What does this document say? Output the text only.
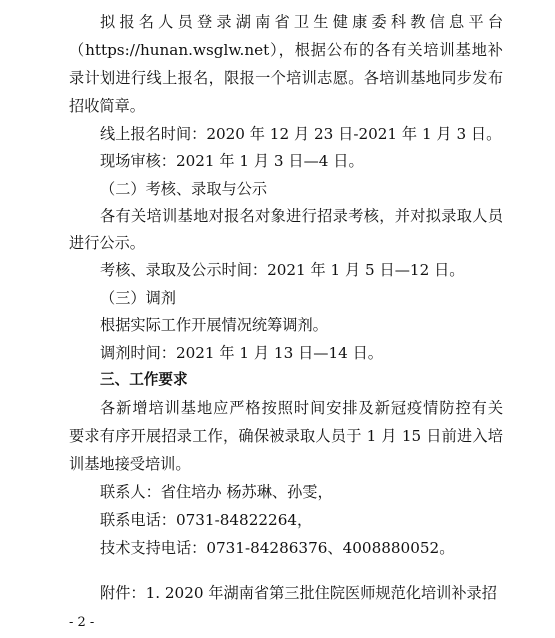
拟报名人员登录湖南省卫生健康委科教信息平台
（https://hunan.wsglw.net），根据公布的各有关培训基地补
录计划进行线上报名，限报一个培训志愿。各培训基地同步发布
招收简章。
线上报名时间：2020 年 12 月 23 日-2021 年 1 月 3 日。
现场审核：2021 年 1 月 3 日—4 日。
（二）考核、录取与公示
各有关培训基地对报名对象进行招录考核，并对拟录取人员
进行公示。
考核、录取及公示时间：2021 年 1 月 5 日—12 日。
（三）调剂
根据实际工作开展情况统筹调剂。
调剂时间：2021 年 1 月 13 日—14 日。
三、工作要求
各新增培训基地应严格按照时间安排及新冠疫情防控有关
要求有序开展招录工作，确保被录取人员于 1 月 15 日前进入培
训基地接受培训。
联系人：省住培办 杨苏琳、孙雯，
联系电话：0731-84822264，
技术支持电话：0731-84286376、4008880052。
附件：1. 2020 年湖南省第三批住院医师规范化培训补录招
- 2 -
